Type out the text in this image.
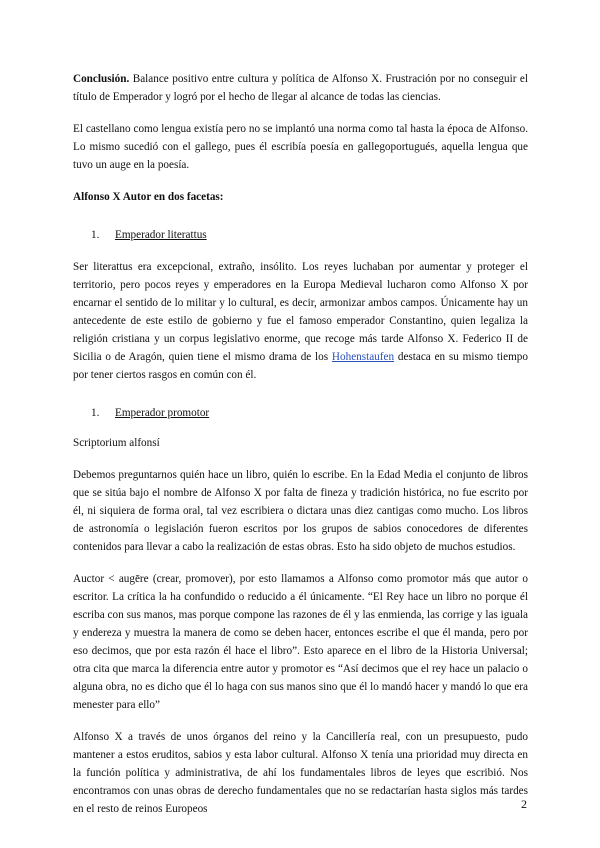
Conclusión. Balance positivo entre cultura y política de Alfonso X. Frustración por no conseguir el título de Emperador y logró por el hecho de llegar al alcance de todas las ciencias.

El castellano como lengua existía pero no se implantó una norma como tal hasta la época de Alfonso. Lo mismo sucedió con el gallego, pues él escribía poesía en gallegoportugués, aquella lengua que tuvo un auge en la poesía.

Alfonso X Autor en dos facetas:

1.	Emperador literattus

Ser literattus era excepcional, extraño, insólito. Los reyes luchaban por aumentar y proteger el territorio, pero pocos reyes y emperadores en la Europa Medieval lucharon como Alfonso X por encarnar el sentido de lo militar y lo cultural, es decir, armonizar ambos campos. Únicamente hay un antecedente de este estilo de gobierno y fue el famoso emperador Constantino, quien legaliza la religión cristiana y un corpus legislativo enorme, que recoge más tarde Alfonso X. Federico II de Sicilia o de Aragón, quien tiene el mismo drama de los Hohenstaufen destaca en su mismo tiempo por tener ciertos rasgos en común con él.

1.	Emperador promotor

Scriptorium alfonsí

Debemos preguntarnos quién hace un libro, quién lo escribe. En la Edad Media el conjunto de libros que se sitúa bajo el nombre de Alfonso X por falta de fineza y tradición histórica, no fue escrito por él, ni siquiera de forma oral, tal vez escribiera o dictara unas diez cantigas como mucho. Los libros de astronomía o legislación fueron escritos por los grupos de sabios conocedores de diferentes contenidos para llevar a cabo la realización de estas obras. Esto ha sido objeto de muchos estudios.

Auctor < augēre (crear, promover), por esto llamamos a Alfonso como promotor más que autor o escritor. La crítica la ha confundido o reducido a él únicamente. “El Rey hace un libro no porque él escriba con sus manos, mas porque compone las razones de él y las enmienda, las corrige y las iguala y endereza y muestra la manera de como se deben hacer, entonces escribe el que él manda, pero por eso decimos, que por esta razón él hace el libro”. Esto aparece en el libro de la Historia Universal; otra cita que marca la diferencia entre autor y promotor es “Así decimos que el rey hace un palacio o alguna obra, no es dicho que él lo haga con sus manos sino que él lo mandó hacer y mandó lo que era menester para ello”

Alfonso X a través de unos órganos del reino y la Cancillería real, con un presupuesto, pudo mantener a estos eruditos, sabios y esta labor cultural. Alfonso X tenía una prioridad muy directa en la función política y administrativa, de ahí los fundamentales libros de leyes que escribió. Nos encontramos con unas obras de derecho fundamentales que no se redactarían hasta siglos más tardes en el resto de reinos Europeos	2
